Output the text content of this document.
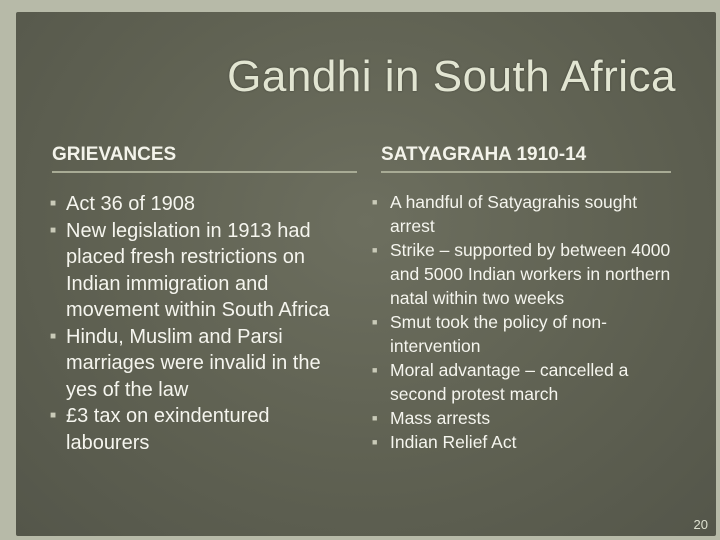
Gandhi in South Africa
GRIEVANCES	SATYAGRAHA 1910-14
■ Act 36 of 1908
■ New legislation in 1913 had placed fresh restrictions on Indian immigration and movement within South Africa
■ Hindu, Muslim and Parsi marriages were invalid in the yes of the law
■ £3 tax on exindentured labourers
■ A handful of Satyagrahis sought arrest
■ Strike – supported by between 4000 and 5000 Indian workers in northern natal within two weeks
■ Smut took the policy of non-intervention
■ Moral advantage – cancelled a second protest march
■ Mass arrests
■ Indian Relief Act
20
